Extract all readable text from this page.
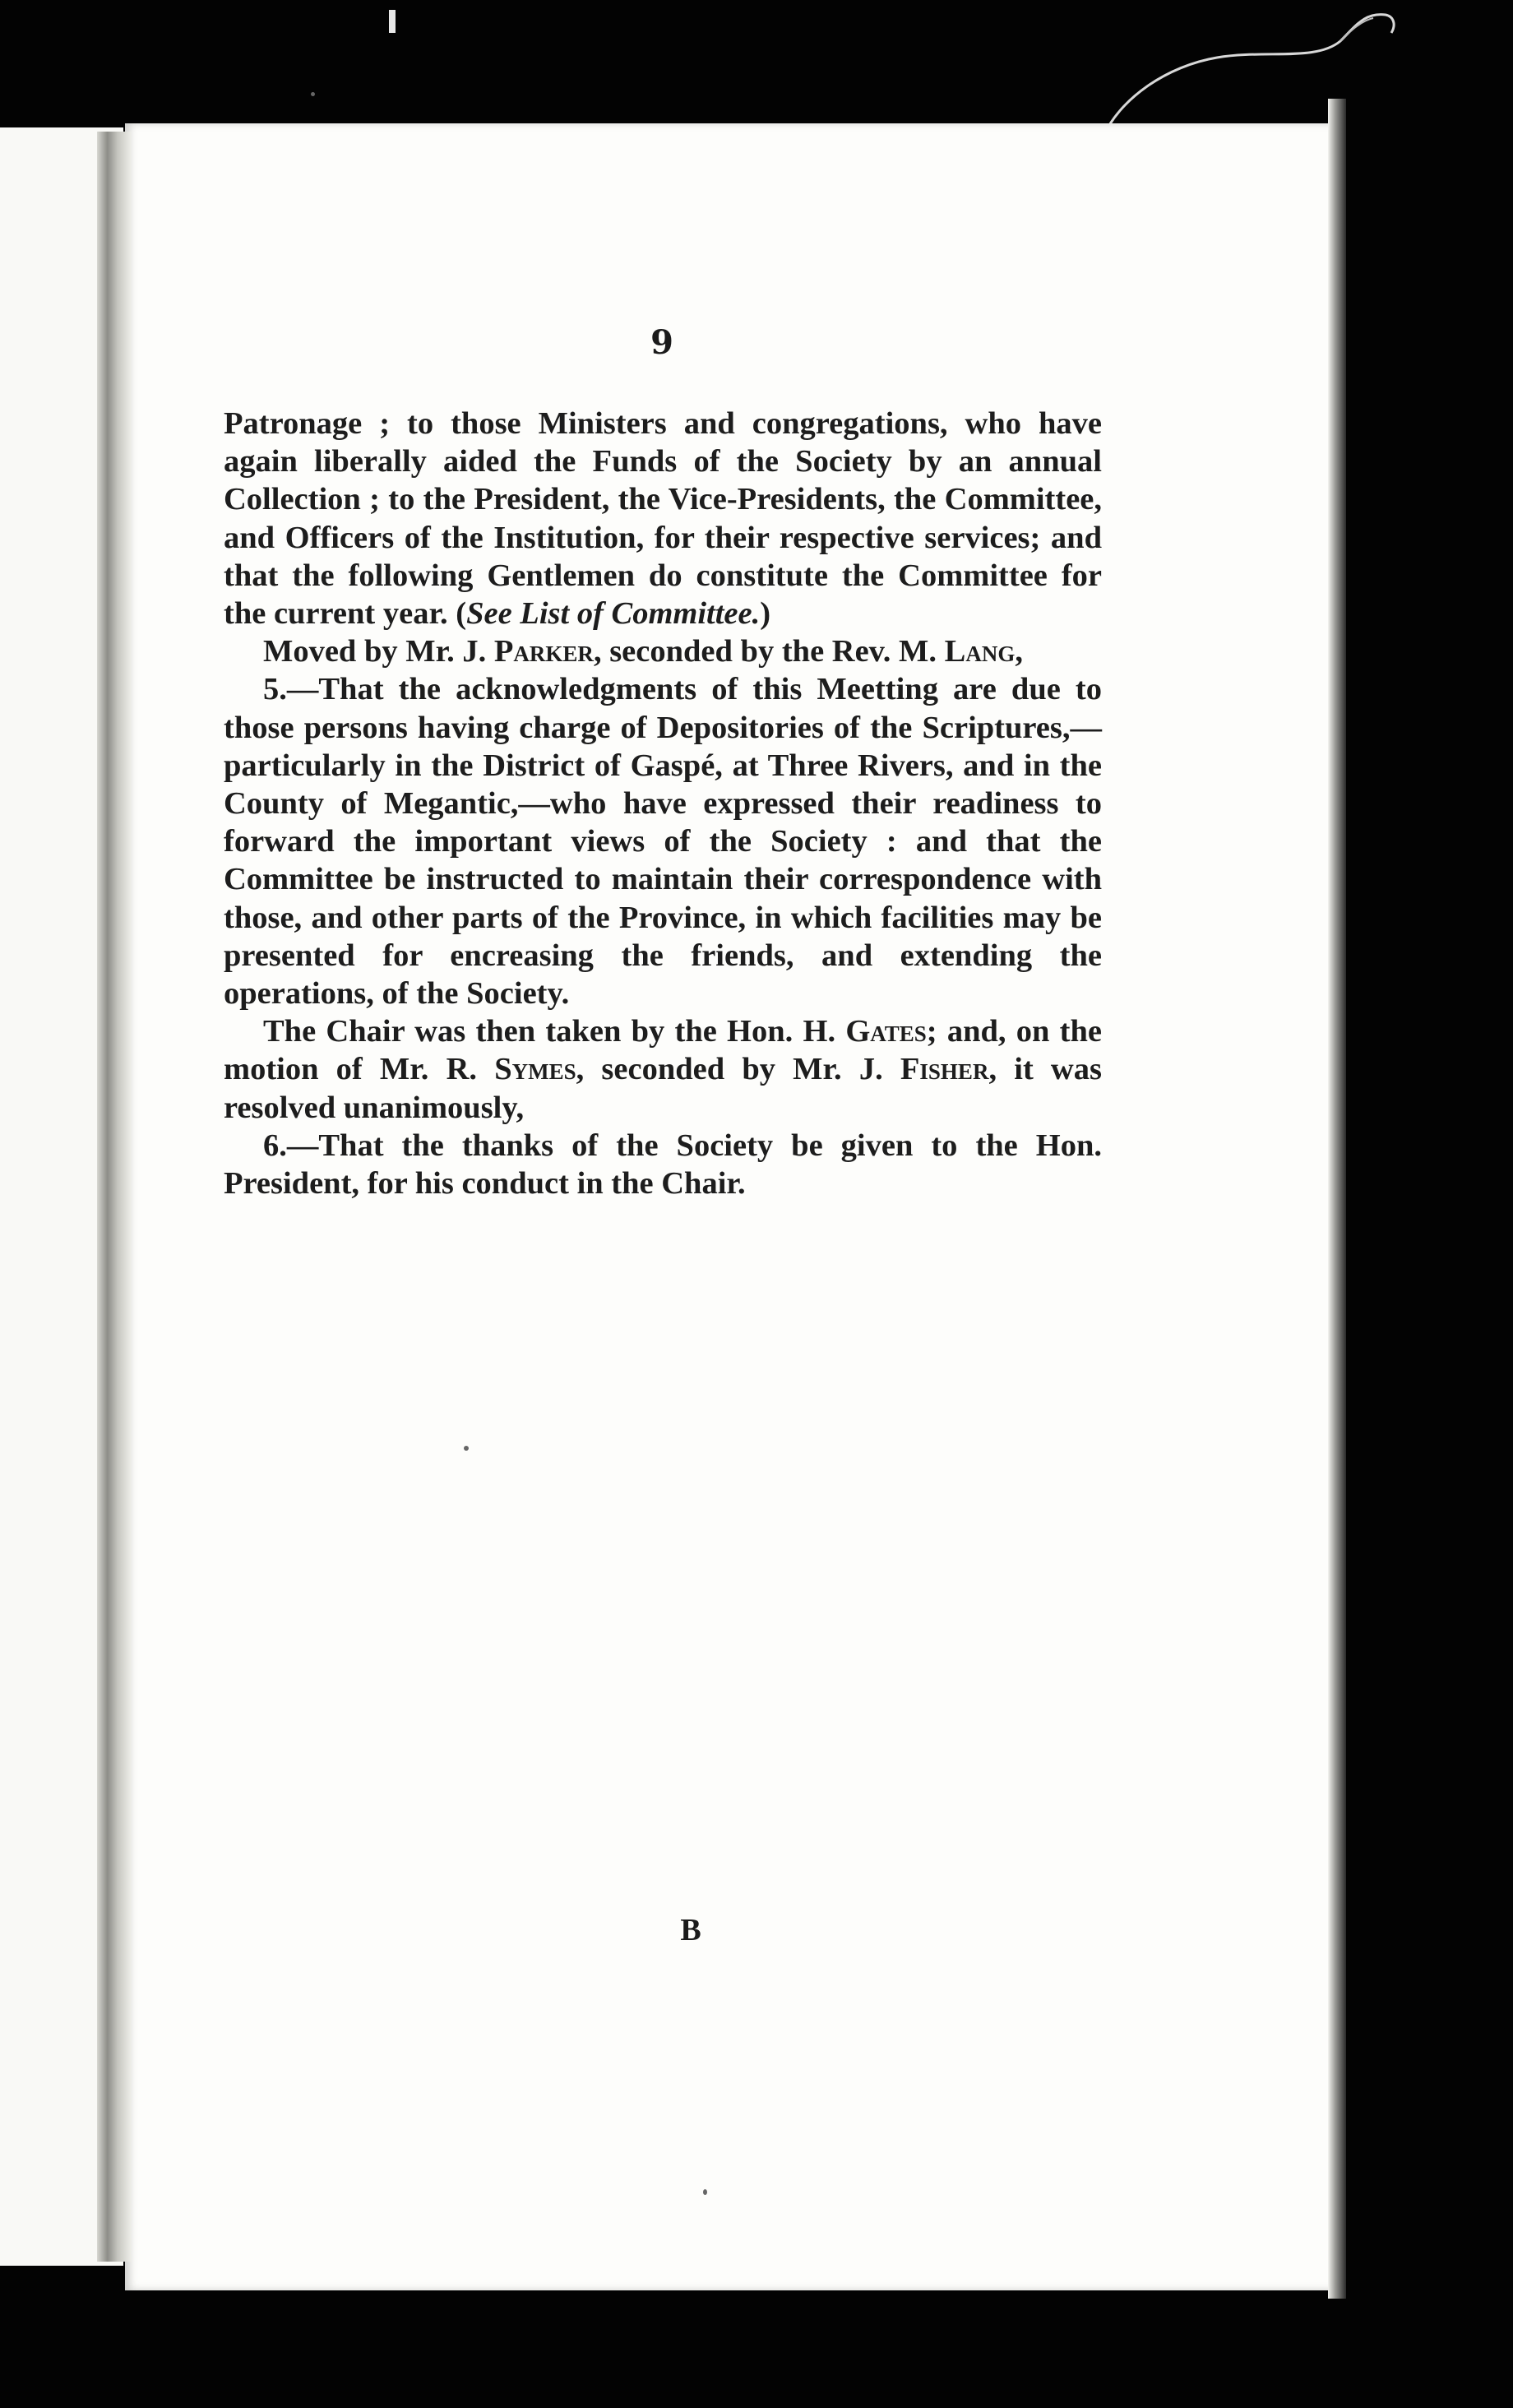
9

Patronage ; to those Ministers and congregations, who have again liberally aided the Funds of the Society by an annual Collection ; to the President, the Vice-Presidents, the Committee, and Officers of the Institution, for their respective services; and that the following Gentlemen do constitute the Committee for the current year. (See List of Committee.)

Moved by Mr. J. Parker, seconded by the Rev. M. Lang,

5.—That the acknowledgments of this Meetting are due to those persons having charge of Depositories of the Scriptures,—particularly in the District of Gaspé, at Three Rivers, and in the County of Megantic,—who have expressed their readiness to forward the important views of the Society : and that the Committee be instructed to maintain their correspondence with those, and other parts of the Province, in which facilities may be presented for encreasing the friends, and extending the operations, of the Society.

The Chair was then taken by the Hon. H. Gates; and, on the motion of Mr. R. Symes, seconded by Mr. J. Fisher, it was resolved unanimously,

6.—That the thanks of the Society be given to the Hon. President, for his conduct in the Chair.

B
